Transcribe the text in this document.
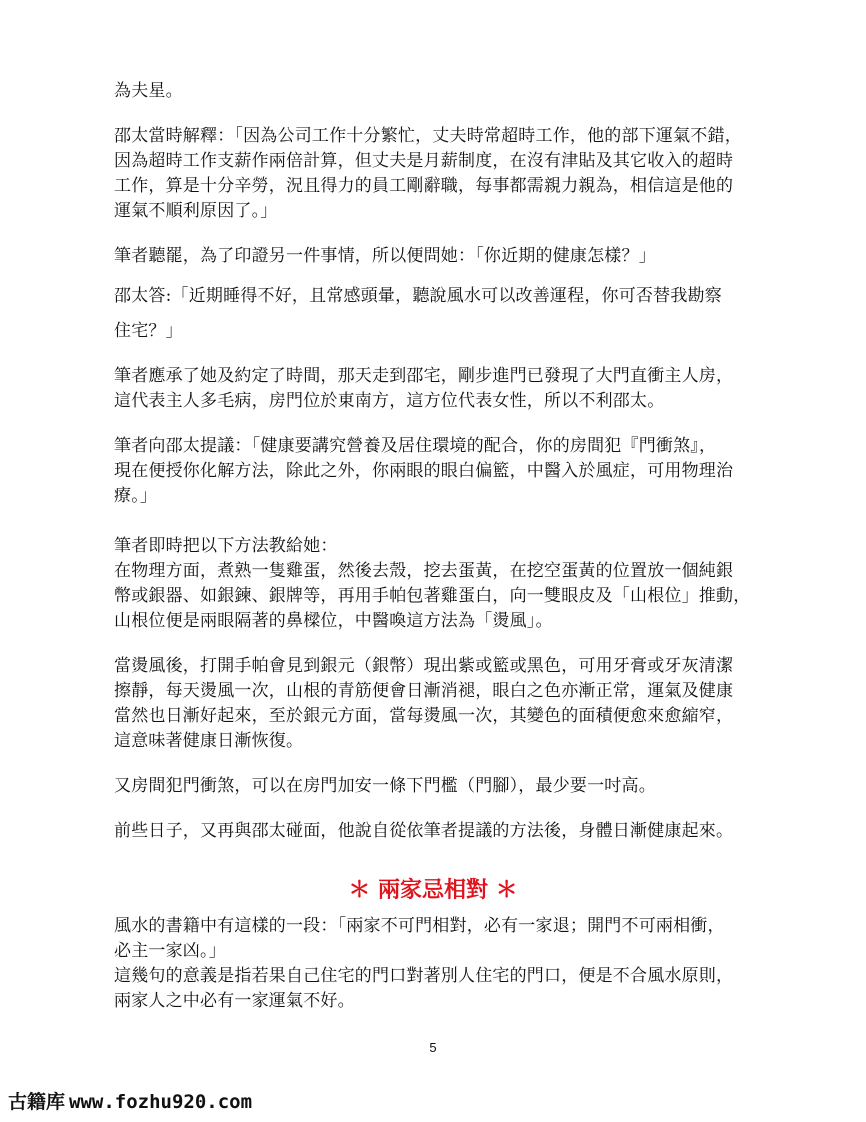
為夫星。
邵太當時解釋：「因為公司工作十分繁忙，丈夫時常超時工作，他的部下運氣不錯，
因為超時工作支薪作兩倍計算，但丈夫是月薪制度，在沒有津貼及其它收入的超時
工作，算是十分辛勞，況且得力的員工剛辭職，每事都需親力親為，相信這是他的
運氣不順利原因了。」
筆者聽罷，為了印證另一件事情，所以便問她：「你近期的健康怎樣？」
邵太答:「近期睡得不好，且常感頭暈，聽說風水可以改善運程，你可否替我勘察
住宅？」
筆者應承了她及約定了時間，那天走到邵宅，剛步進門已發現了大門直衝主人房，
這代表主人多毛病，房門位於東南方，這方位代表女性，所以不利邵太。
筆者向邵太提議：「健康要講究營養及居住環境的配合，你的房間犯『門衝煞』，
現在便授你化解方法，除此之外，你兩眼的眼白偏籃，中醫入於風症，可用物理治
療。」
筆者即時把以下方法教給她：
在物理方面，煮熟一隻雞蛋，然後去殼，挖去蛋黃，在挖空蛋黃的位置放一個純銀
幣或銀器、如銀鍊、銀牌等，再用手帕包著雞蛋白，向一雙眼皮及「山根位」推動，
山根位便是兩眼隔著的鼻樑位，中醫喚這方法為「燙風」。
當燙風後，打開手帕會見到銀元（銀幣）現出紫或籃或黑色，可用牙膏或牙灰清潔
擦靜，每天燙風一次，山根的青筋便會日漸消褪，眼白之色亦漸正常，運氣及健康
當然也日漸好起來，至於銀元方面，當每燙風一次，其變色的面積便愈來愈縮窄，
這意味著健康日漸恢復。
又房間犯門衝煞，可以在房門加安一條下門檻（門腳），最少要一吋高。
前些日子，又再與邵太碰面，他說自從依筆者提議的方法後，身體日漸健康起來。
＊ 兩家忌相對 ＊
風水的書籍中有這樣的一段：「兩家不可門相對，必有一家退；開門不可兩相衝，
必主一家凶。」
這幾句的意義是指若果自己住宅的門口對著別人住宅的門口，便是不合風水原則，
兩家人之中必有一家運氣不好。
5
古籍库 www.fozhu920.com
